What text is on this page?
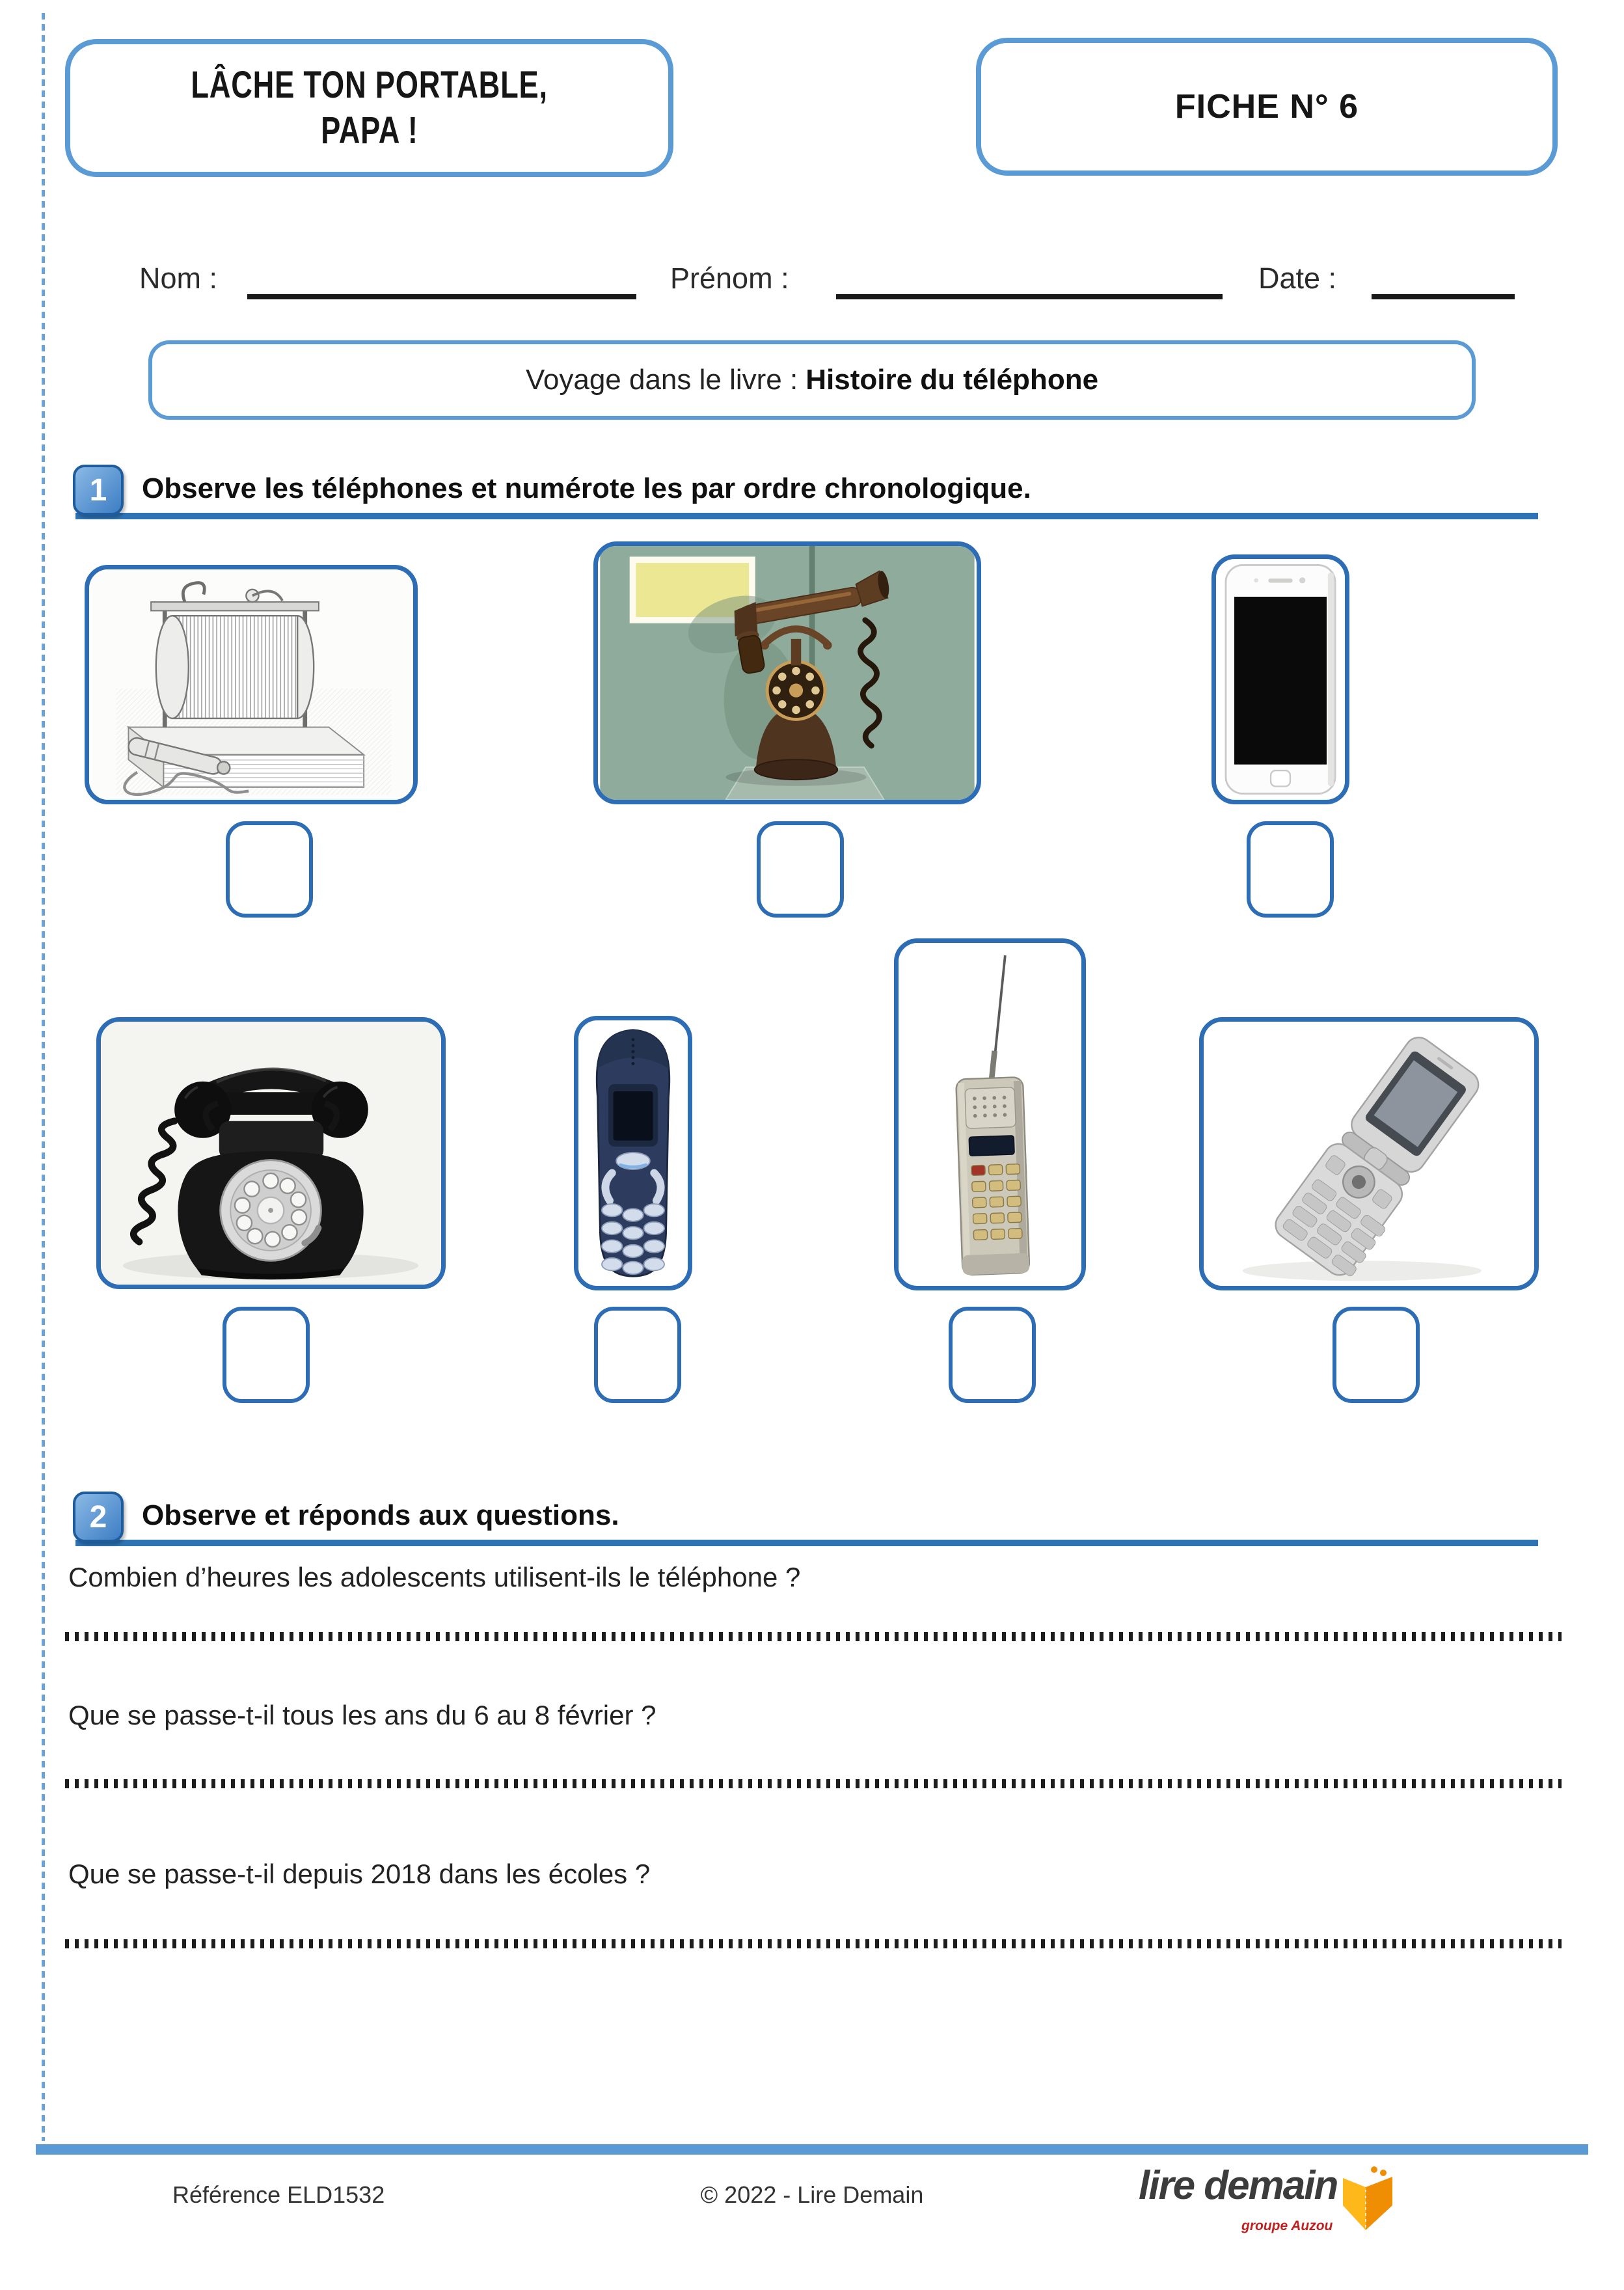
LÂCHE TON PORTABLE,
PAPA !
FICHE N° 6
Nom :	Prénom :	Date :
Voyage dans le livre : Histoire du téléphone
1	Observe les téléphones et numérote les par ordre chronologique.
2	Observe et réponds aux questions.
Combien d’heures les adolescents utilisent-ils le téléphone ?
Que se passe-t-il tous les ans du 6 au 8 février ?
Que se passe-t-il depuis 2018 dans les écoles ?
Référence ELD1532	© 2022 - Lire Demain	lire demain
groupe Auzou
